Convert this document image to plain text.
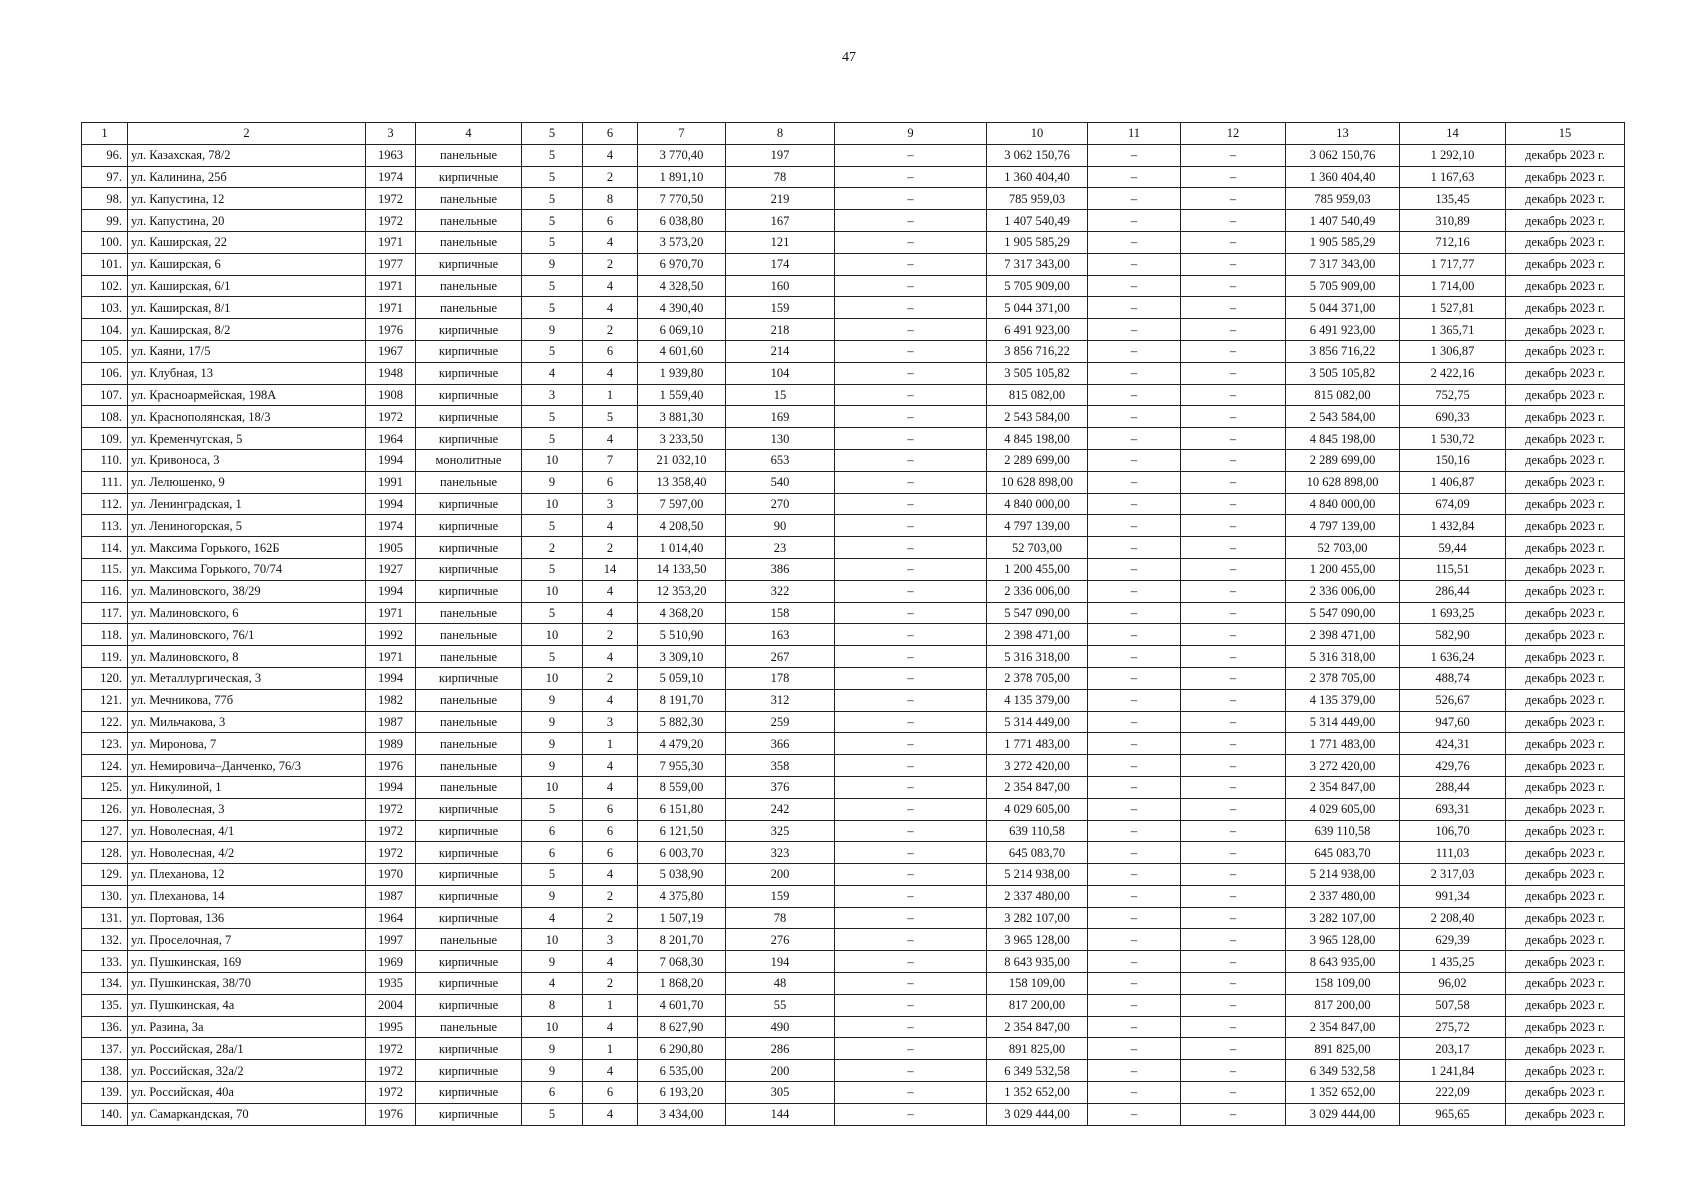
47
1	2	3	4	5	6	7	8	9	10	11	12	13	14	15
96.	ул. Казахская, 78/2	1963	панельные	5	4	3 770,40	197	–	3 062 150,76	–	–	3 062 150,76	1 292,10	декабрь 2023 г.
97.	ул. Калинина, 25б	1974	кирпичные	5	2	1 891,10	78	–	1 360 404,40	–	–	1 360 404,40	1 167,63	декабрь 2023 г.
98.	ул. Капустина, 12	1972	панельные	5	8	7 770,50	219	–	785 959,03	–	–	785 959,03	135,45	декабрь 2023 г.
99.	ул. Капустина, 20	1972	панельные	5	6	6 038,80	167	–	1 407 540,49	–	–	1 407 540,49	310,89	декабрь 2023 г.
100.	ул. Каширская, 22	1971	панельные	5	4	3 573,20	121	–	1 905 585,29	–	–	1 905 585,29	712,16	декабрь 2023 г.
101.	ул. Каширская, 6	1977	кирпичные	9	2	6 970,70	174	–	7 317 343,00	–	–	7 317 343,00	1 717,77	декабрь 2023 г.
102.	ул. Каширская, 6/1	1971	панельные	5	4	4 328,50	160	–	5 705 909,00	–	–	5 705 909,00	1 714,00	декабрь 2023 г.
103.	ул. Каширская, 8/1	1971	панельные	5	4	4 390,40	159	–	5 044 371,00	–	–	5 044 371,00	1 527,81	декабрь 2023 г.
104.	ул. Каширская, 8/2	1976	кирпичные	9	2	6 069,10	218	–	6 491 923,00	–	–	6 491 923,00	1 365,71	декабрь 2023 г.
105.	ул. Каяни, 17/5	1967	кирпичные	5	6	4 601,60	214	–	3 856 716,22	–	–	3 856 716,22	1 306,87	декабрь 2023 г.
106.	ул. Клубная, 13	1948	кирпичные	4	4	1 939,80	104	–	3 505 105,82	–	–	3 505 105,82	2 422,16	декабрь 2023 г.
107.	ул. Красноармейская, 198А	1908	кирпичные	3	1	1 559,40	15	–	815 082,00	–	–	815 082,00	752,75	декабрь 2023 г.
108.	ул. Краснополянская, 18/3	1972	кирпичные	5	5	3 881,30	169	–	2 543 584,00	–	–	2 543 584,00	690,33	декабрь 2023 г.
109.	ул. Кременчугская, 5	1964	кирпичные	5	4	3 233,50	130	–	4 845 198,00	–	–	4 845 198,00	1 530,72	декабрь 2023 г.
110.	ул. Кривоноса, 3	1994	монолитные	10	7	21 032,10	653	–	2 289 699,00	–	–	2 289 699,00	150,16	декабрь 2023 г.
111.	ул. Лелюшенко, 9	1991	панельные	9	6	13 358,40	540	–	10 628 898,00	–	–	10 628 898,00	1 406,87	декабрь 2023 г.
112.	ул. Ленинградская, 1	1994	кирпичные	10	3	7 597,00	270	–	4 840 000,00	–	–	4 840 000,00	674,09	декабрь 2023 г.
113.	ул. Лениногорская, 5	1974	кирпичные	5	4	4 208,50	90	–	4 797 139,00	–	–	4 797 139,00	1 432,84	декабрь 2023 г.
114.	ул. Максима Горького, 162Б	1905	кирпичные	2	2	1 014,40	23	–	52 703,00	–	–	52 703,00	59,44	декабрь 2023 г.
115.	ул. Максима Горького, 70/74	1927	кирпичные	5	14	14 133,50	386	–	1 200 455,00	–	–	1 200 455,00	115,51	декабрь 2023 г.
116.	ул. Малиновского, 38/29	1994	кирпичные	10	4	12 353,20	322	–	2 336 006,00	–	–	2 336 006,00	286,44	декабрь 2023 г.
117.	ул. Малиновского, 6	1971	панельные	5	4	4 368,20	158	–	5 547 090,00	–	–	5 547 090,00	1 693,25	декабрь 2023 г.
118.	ул. Малиновского, 76/1	1992	панельные	10	2	5 510,90	163	–	2 398 471,00	–	–	2 398 471,00	582,90	декабрь 2023 г.
119.	ул. Малиновского, 8	1971	панельные	5	4	3 309,10	267	–	5 316 318,00	–	–	5 316 318,00	1 636,24	декабрь 2023 г.
120.	ул. Металлургическая, 3	1994	кирпичные	10	2	5 059,10	178	–	2 378 705,00	–	–	2 378 705,00	488,74	декабрь 2023 г.
121.	ул. Мечникова, 77б	1982	панельные	9	4	8 191,70	312	–	4 135 379,00	–	–	4 135 379,00	526,67	декабрь 2023 г.
122.	ул. Мильчакова, 3	1987	панельные	9	3	5 882,30	259	–	5 314 449,00	–	–	5 314 449,00	947,60	декабрь 2023 г.
123.	ул. Миронова, 7	1989	панельные	9	1	4 479,20	366	–	1 771 483,00	–	–	1 771 483,00	424,31	декабрь 2023 г.
124.	ул. Немировича–Данченко, 76/3	1976	панельные	9	4	7 955,30	358	–	3 272 420,00	–	–	3 272 420,00	429,76	декабрь 2023 г.
125.	ул. Никулиной, 1	1994	панельные	10	4	8 559,00	376	–	2 354 847,00	–	–	2 354 847,00	288,44	декабрь 2023 г.
126.	ул. Новолесная, 3	1972	кирпичные	5	6	6 151,80	242	–	4 029 605,00	–	–	4 029 605,00	693,31	декабрь 2023 г.
127.	ул. Новолесная, 4/1	1972	кирпичные	6	6	6 121,50	325	–	639 110,58	–	–	639 110,58	106,70	декабрь 2023 г.
128.	ул. Новолесная, 4/2	1972	кирпичные	6	6	6 003,70	323	–	645 083,70	–	–	645 083,70	111,03	декабрь 2023 г.
129.	ул. Плеханова, 12	1970	кирпичные	5	4	5 038,90	200	–	5 214 938,00	–	–	5 214 938,00	2 317,03	декабрь 2023 г.
130.	ул. Плеханова, 14	1987	кирпичные	9	2	4 375,80	159	–	2 337 480,00	–	–	2 337 480,00	991,34	декабрь 2023 г.
131.	ул. Портовая, 136	1964	кирпичные	4	2	1 507,19	78	–	3 282 107,00	–	–	3 282 107,00	2 208,40	декабрь 2023 г.
132.	ул. Проселочная, 7	1997	панельные	10	3	8 201,70	276	–	3 965 128,00	–	–	3 965 128,00	629,39	декабрь 2023 г.
133.	ул. Пушкинская, 169	1969	кирпичные	9	4	7 068,30	194	–	8 643 935,00	–	–	8 643 935,00	1 435,25	декабрь 2023 г.
134.	ул. Пушкинская, 38/70	1935	кирпичные	4	2	1 868,20	48	–	158 109,00	–	–	158 109,00	96,02	декабрь 2023 г.
135.	ул. Пушкинская, 4а	2004	кирпичные	8	1	4 601,70	55	–	817 200,00	–	–	817 200,00	507,58	декабрь 2023 г.
136.	ул. Разина, 3а	1995	панельные	10	4	8 627,90	490	–	2 354 847,00	–	–	2 354 847,00	275,72	декабрь 2023 г.
137.	ул. Российская, 28а/1	1972	кирпичные	9	1	6 290,80	286	–	891 825,00	–	–	891 825,00	203,17	декабрь 2023 г.
138.	ул. Российская, 32а/2	1972	кирпичные	9	4	6 535,00	200	–	6 349 532,58	–	–	6 349 532,58	1 241,84	декабрь 2023 г.
139.	ул. Российская, 40а	1972	кирпичные	6	6	6 193,20	305	–	1 352 652,00	–	–	1 352 652,00	222,09	декабрь 2023 г.
140.	ул. Самаркандская, 70	1976	кирпичные	5	4	3 434,00	144	–	3 029 444,00	–	–	3 029 444,00	965,65	декабрь 2023 г.
